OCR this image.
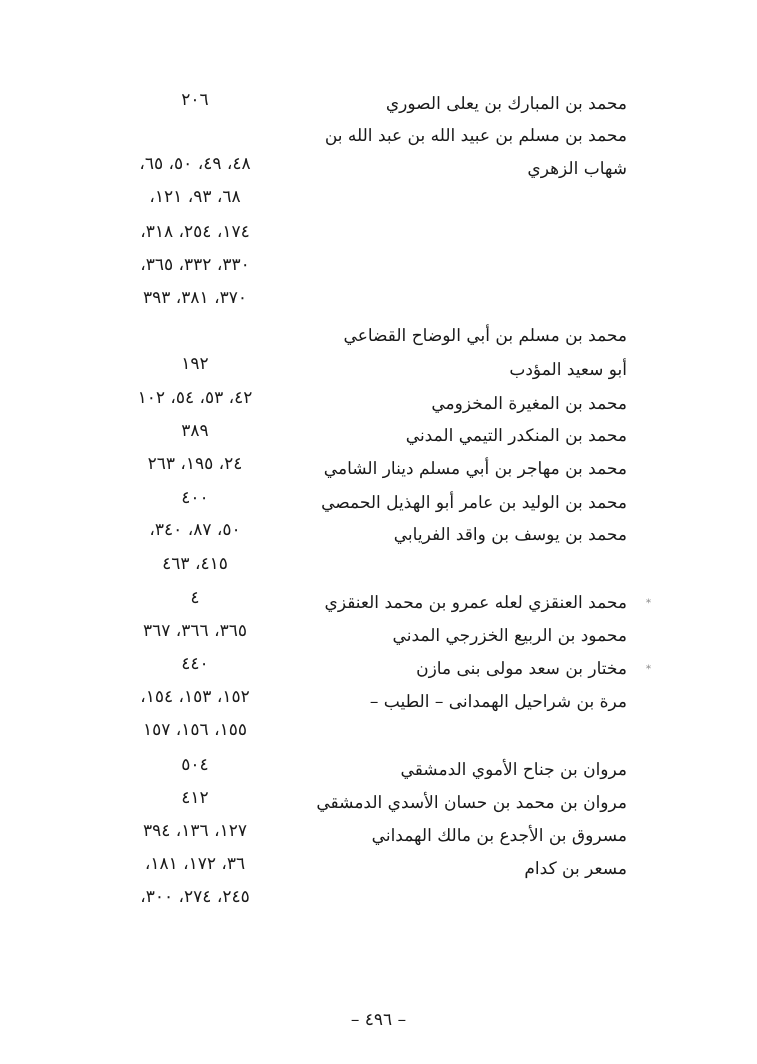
محمد بن المبارك بن يعلى الصوري
٢٠٦
محمد بن مسلم بن عبيد الله بن عبد الله بن
شهاب الزهري
٤٨، ٤٩، ٥٠، ٦٥،
٦٨، ٩٣، ١٢١،
١٧٤، ٢٥٤، ٣١٨،
٣٣٠، ٣٣٢، ٣٦٥،
٣٧٠، ٣٨١، ٣٩٣
محمد بن مسلم بن أبي الوضاح القضاعي
أبو سعيد المؤدب
١٩٢
محمد بن المغيرة المخزومي
٤٢، ٥٣، ٥٤، ١٠٢
محمد بن المنكدر التيمي المدني
٣٨٩
محمد بن مهاجر بن أبي مسلم دينار الشامي
٢٤، ١٩٥، ٢٦٣
محمد بن الوليد بن عامر أبو الهذيل الحمصي
٤٠٠
محمد بن يوسف بن واقد الفريابي
٥٠، ٨٧، ٣٤٠،
٤١٥، ٤٦٣
*
محمد العنقزي لعله عمرو بن محمد العنقزي
٤
محمود بن الربيع الخزرجي المدني
٣٦٥، ٣٦٦، ٣٦٧
*
مختار بن سعد مولى بنى مازن
٤٤٠
مرة بن شراحيل الهمدانى – الطيب –
١٥٢، ١٥٣، ١٥٤،
١٥٥، ١٥٦، ١٥٧
مروان بن جناح الأموي الدمشقي
٥٠٤
مروان بن محمد بن حسان الأسدي الدمشقي
٤١٢
مسروق بن الأجدع بن مالك الهمداني
١٢٧، ١٣٦، ٣٩٤
مسعر بن كدام
٣٦، ١٧٢، ١٨١،
٢٤٥، ٢٧٤، ٣٠٠،
– ٤٩٦ –
